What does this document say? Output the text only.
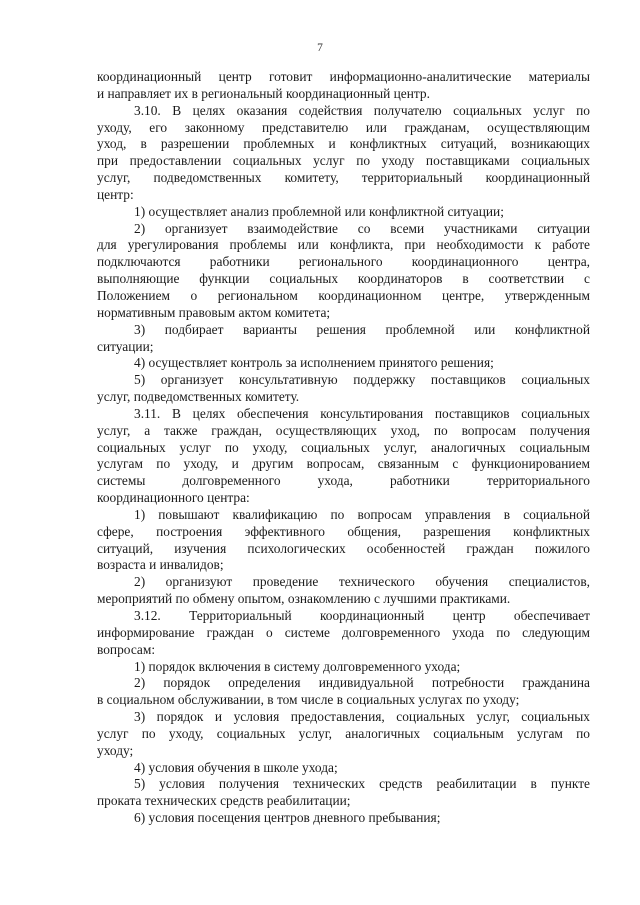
7
координационный центр готовит информационно-аналитические материалы
и направляет их в региональный координационный центр.
3.10. В целях оказания содействия получателю социальных услуг по
уходу, его законному представителю или гражданам, осуществляющим
уход, в разрешении проблемных и конфликтных ситуаций, возникающих
при предоставлении социальных услуг по уходу поставщиками социальных
услуг, подведомственных комитету, территориальный координационный
центр:
1) осуществляет анализ проблемной или конфликтной ситуации;
2) организует взаимодействие со всеми участниками ситуации
для урегулирования проблемы или конфликта, при необходимости к работе
подключаются работники регионального координационного центра,
выполняющие функции социальных координаторов в соответствии с
Положением о региональном координационном центре, утвержденным
нормативным правовым актом комитета;
3) подбирает варианты решения проблемной или конфликтной
ситуации;
4) осуществляет контроль за исполнением принятого решения;
5) организует консультативную поддержку поставщиков социальных
услуг, подведомственных комитету.
3.11. В целях обеспечения консультирования поставщиков социальных
услуг, а также граждан, осуществляющих уход, по вопросам получения
социальных услуг по уходу, социальных услуг, аналогичных социальным
услугам по уходу, и другим вопросам, связанным с функционированием
системы долговременного ухода, работники территориального
координационного центра:
1) повышают квалификацию по вопросам управления в социальной
сфере, построения эффективного общения, разрешения конфликтных
ситуаций, изучения психологических особенностей граждан пожилого
возраста и инвалидов;
2) организуют проведение технического обучения специалистов,
мероприятий по обмену опытом, ознакомлению с лучшими практиками.
3.12. Территориальный координационный центр обеспечивает
информирование граждан о системе долговременного ухода по следующим
вопросам:
1) порядок включения в систему долговременного ухода;
2) порядок определения индивидуальной потребности гражданина
в социальном обслуживании, в том числе в социальных услугах по уходу;
3) порядок и условия предоставления, социальных услуг, социальных
услуг по уходу, социальных услуг, аналогичных социальным услугам по
уходу;
4) условия обучения в школе ухода;
5) условия получения технических средств реабилитации в пункте
проката технических средств реабилитации;
6) условия посещения центров дневного пребывания;
